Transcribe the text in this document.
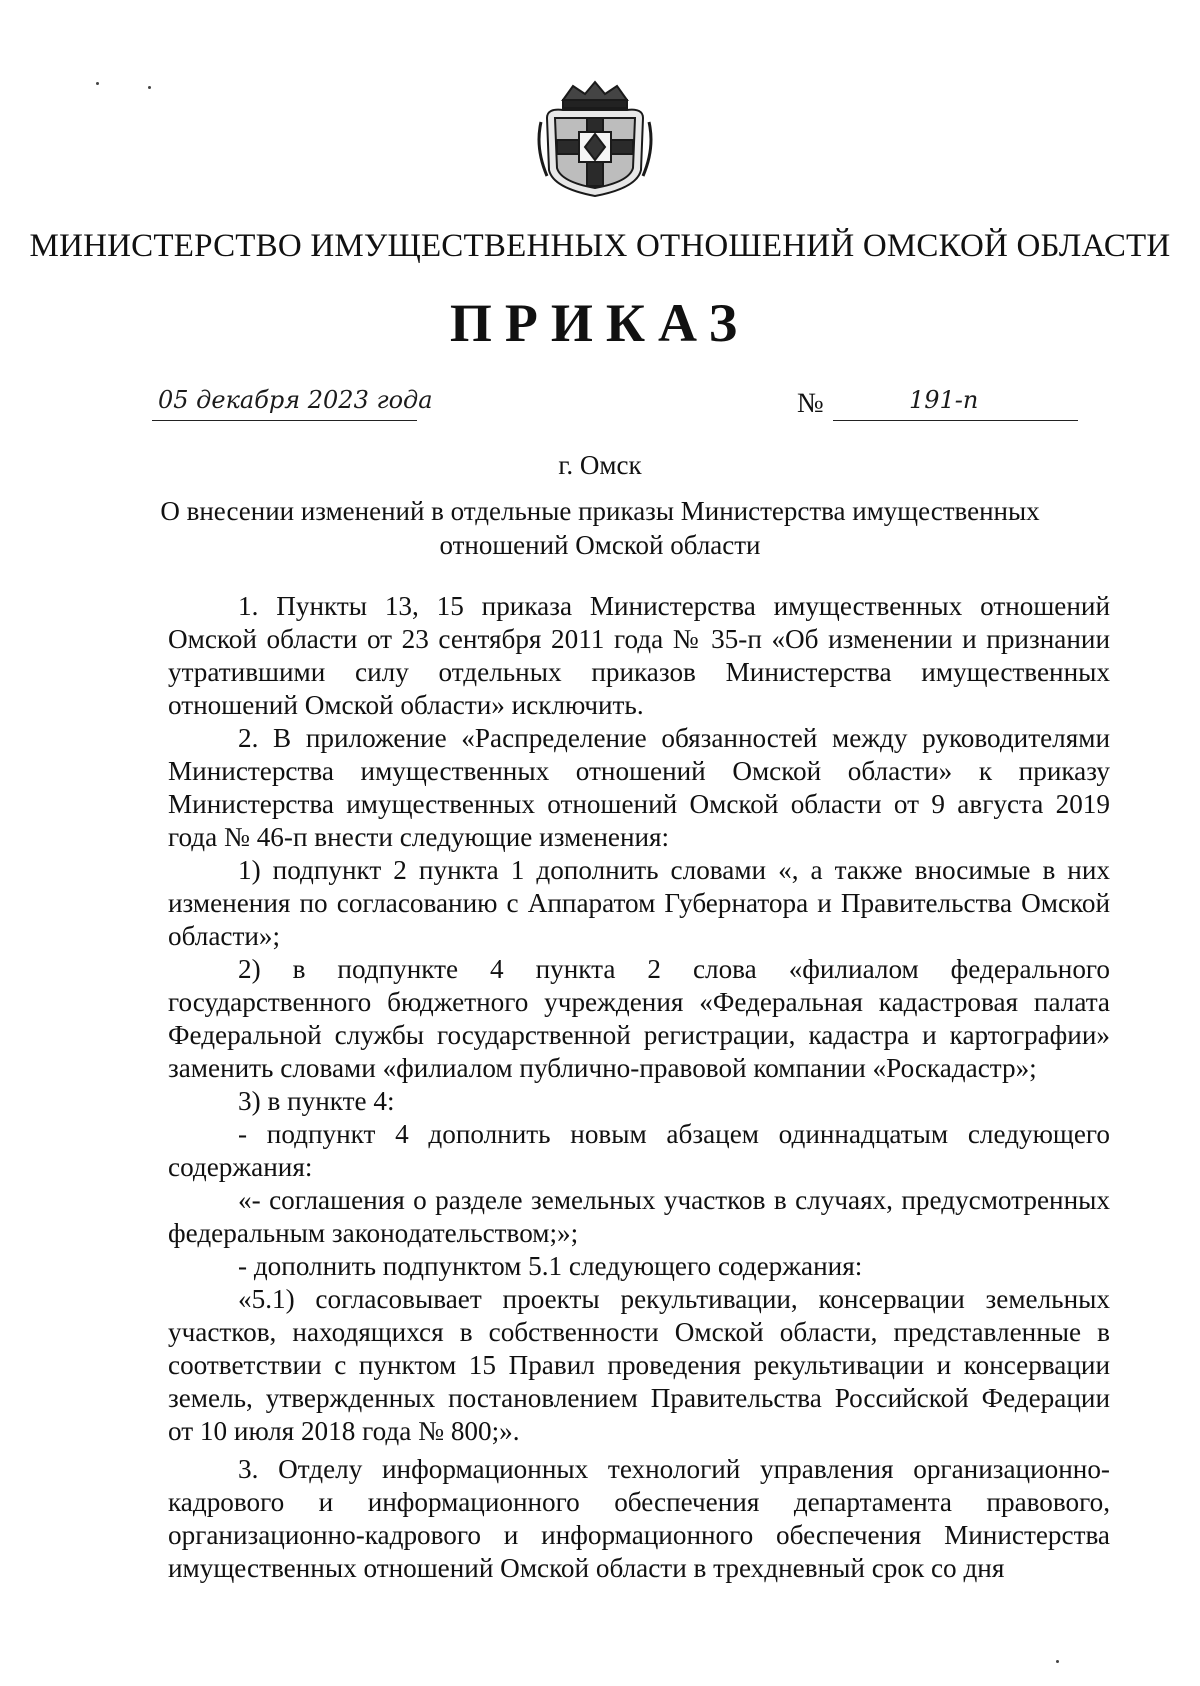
МИНИСТЕРСТВО ИМУЩЕСТВЕННЫХ ОТНОШЕНИЙ ОМСКОЙ ОБЛАСТИ
ПРИКАЗ
05 декабря 2023 года	№	191-п
г. Омск
О внесении изменений в отдельные приказы Министерства имущественных
отношений Омской области

1. Пункты 13, 15 приказа Министерства имущественных отношений Омской области от 23 сентября 2011 года № 35-п «Об изменении и признании утратившими силу отдельных приказов Министерства имущественных отношений Омской области» исключить.

2. В приложение «Распределение обязанностей между руководителями Министерства имущественных отношений Омской области» к приказу Министерства имущественных отношений Омской области от 9 августа 2019 года № 46-п внести следующие изменения:

1) подпункт 2 пункта 1 дополнить словами «, а также вносимые в них изменения по согласованию с Аппаратом Губернатора и Правительства Омской области»;

2) в подпункте 4 пункта 2 слова «филиалом федерального государственного бюджетного учреждения «Федеральная кадастровая палата Федеральной службы государственной регистрации, кадастра и картографии» заменить словами «филиалом публично-правовой компании «Роскадастр»;

3) в пункте 4:

- подпункт 4 дополнить новым абзацем одиннадцатым следующего содержания:

«- соглашения о разделе земельных участков в случаях, предусмотренных федеральным законодательством;»;

- дополнить подпунктом 5.1 следующего содержания:

«5.1) согласовывает проекты рекультивации, консервации земельных участков, находящихся в собственности Омской области, представленные в соответствии с пунктом 15 Правил проведения рекультивации и консервации земель, утвержденных постановлением Правительства Российской Федерации от 10 июля 2018 года № 800;».

3. Отделу информационных технологий управления организационно-кадрового и информационного обеспечения департамента правового, организационно-кадрового и информационного обеспечения Министерства имущественных отношений Омской области в трехдневный срок со дня
